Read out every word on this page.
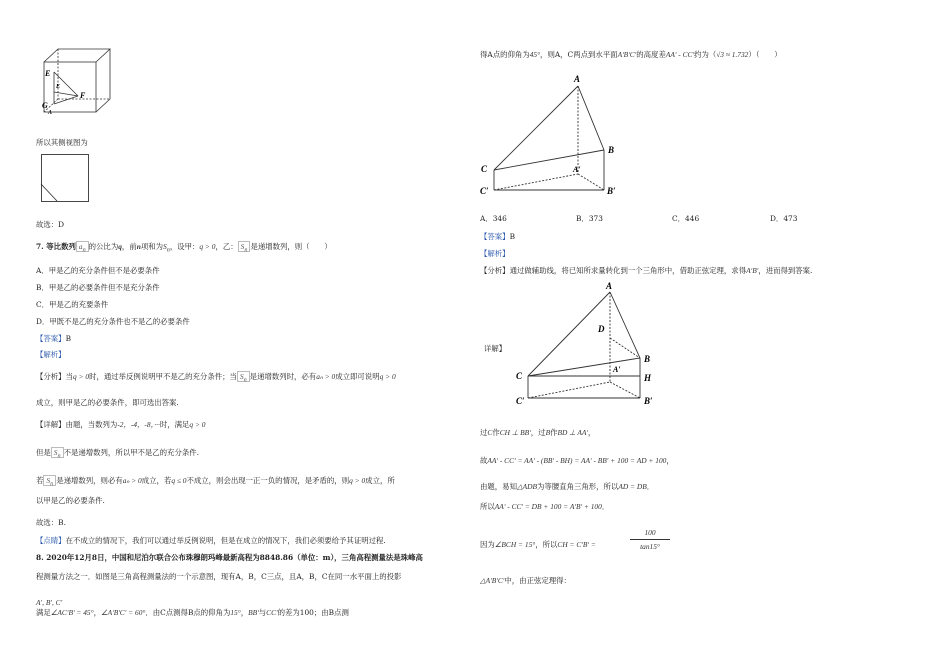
E
F
G
A
E
所以其侧视图为
故选：D
7. 等比数列 $a_n$ 的公比为q，前n项和为$S_n$，设甲：q > 0，乙： $S_n$ 是递增数列，则（　　）
A．甲是乙的充分条件但不是必要条件
B．甲是乙的必要条件但不是充分条件
C．甲是乙的充要条件
D．甲既不是乙的充分条件也不是乙的必要条件
【答案】B
【解析】
【分析】当q > 0时，通过举反例说明甲不是乙的充分条件；当 $S_n$ 是递增数列时，必有aₙ > 0成立即可说明q > 0
成立，则甲是乙的必要条件，即可选出答案.
【详解】由题，当数列为-2，-4，-8，···时，满足q > 0
但是 $S_n$ 不是递增数列，所以甲不是乙的充分条件.
若 $S_n$ 是递增数列，则必有aₙ > 0成立，若q ≤ 0不成立，则会出现一正一负的情况，是矛盾的，则q > 0成立，所
以甲是乙的必要条件.
故选：B.
【点睛】在不成立的情况下，我们可以通过举反例说明，但是在成立的情况下，我们必须要给予其证明过程.
8. 2020年12月8日，中国和尼泊尔联合公布珠穆朗玛峰最新高程为8848.86（单位：m），三角高程测量法是珠峰高
程测量方法之一．如图是三角高程测量法的一个示意图，现有A，B，C三点，且A，B，C在同一水平面上的投影
A′, B′, C′
满足∠ACʹBʹ = 45°，∠AʹBʹCʹ = 60°．由C点测得B点的仰角为15°，BBʹ与CCʹ的差为100；由B点测
得A点的仰角为45°，则A，C两点到水平面AʹBʹCʹ的高度差AAʹ - CCʹ约为（√3 ≈ 1.732）（　　）
A
B
C	A′
C′	B′
A．346	B．373	C．446	D．473
【答案】B
【解析】
【分析】通过做辅助线，将已知所求量转化到一个三角形中，借助正弦定理，求得AʹBʹ，进而得到答案.
A
D
B
A′
H
C
C′	B′
详解】
过C作CH ⊥ BBʹ，过B作BD ⊥ AAʹ，
故AAʹ - CCʹ = AAʹ - (BBʹ - BH) = AAʹ - BBʹ + 100 = AD + 100，
由题，易知△ADB为等腰直角三角形，所以AD = DB．
所以AAʹ - CCʹ = DB + 100 = AʹBʹ + 100．
因为∠BCH = 15°，所以CH = CʹBʹ =
100
tan15°
△AʹBʹCʹ中，由正弦定理得：
